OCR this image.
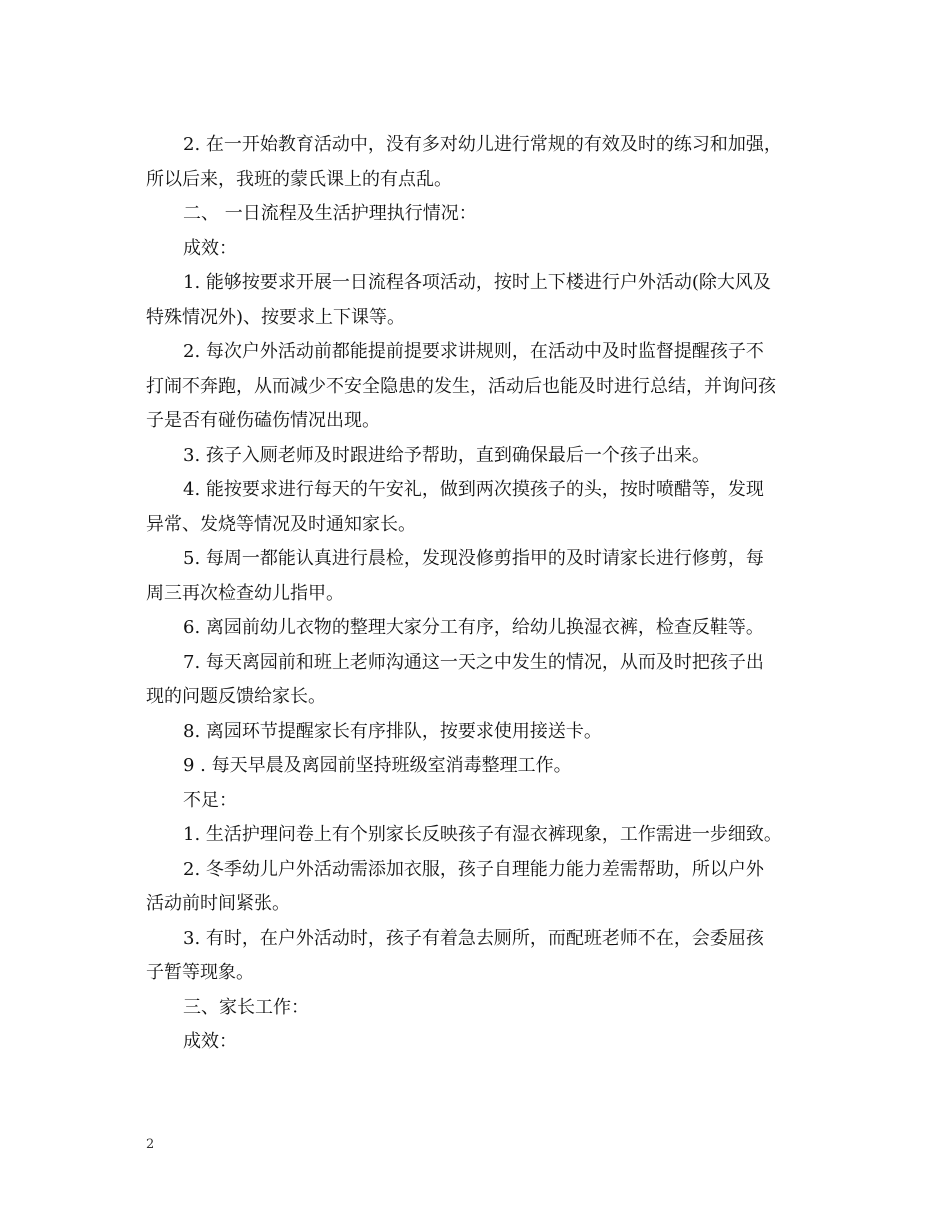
2. 在一开始教育活动中，没有多对幼儿进行常规的有效及时的练习和加强，
所以后来，我班的蒙氏课上的有点乱。
二、 一日流程及生活护理执行情况：
成效：
1. 能够按要求开展一日流程各项活动，按时上下楼进行户外活动(除大风及
特殊情况外)、按要求上下课等。
2. 每次户外活动前都能提前提要求讲规则，在活动中及时监督提醒孩子不
打闹不奔跑，从而减少不安全隐患的发生，活动后也能及时进行总结，并询问孩
子是否有碰伤磕伤情况出现。
3. 孩子入厕老师及时跟进给予帮助，直到确保最后一个孩子出来。
4. 能按要求进行每天的午安礼，做到两次摸孩子的头，按时喷醋等，发现
异常、发烧等情况及时通知家长。
5. 每周一都能认真进行晨检，发现没修剪指甲的及时请家长进行修剪，每
周三再次检查幼儿指甲。
6. 离园前幼儿衣物的整理大家分工有序，给幼儿换湿衣裤，检查反鞋等。
7. 每天离园前和班上老师沟通这一天之中发生的情况，从而及时把孩子出
现的问题反馈给家长。
8. 离园环节提醒家长有序排队，按要求使用接送卡。
9 . 每天早晨及离园前坚持班级室消毒整理工作。
不足：
1. 生活护理问卷上有个别家长反映孩子有湿衣裤现象，工作需进一步细致。
2. 冬季幼儿户外活动需添加衣服，孩子自理能力能力差需帮助，所以户外
活动前时间紧张。
3. 有时，在户外活动时，孩子有着急去厕所，而配班老师不在，会委屈孩
子暂等现象。
三、家长工作：
成效：
2
